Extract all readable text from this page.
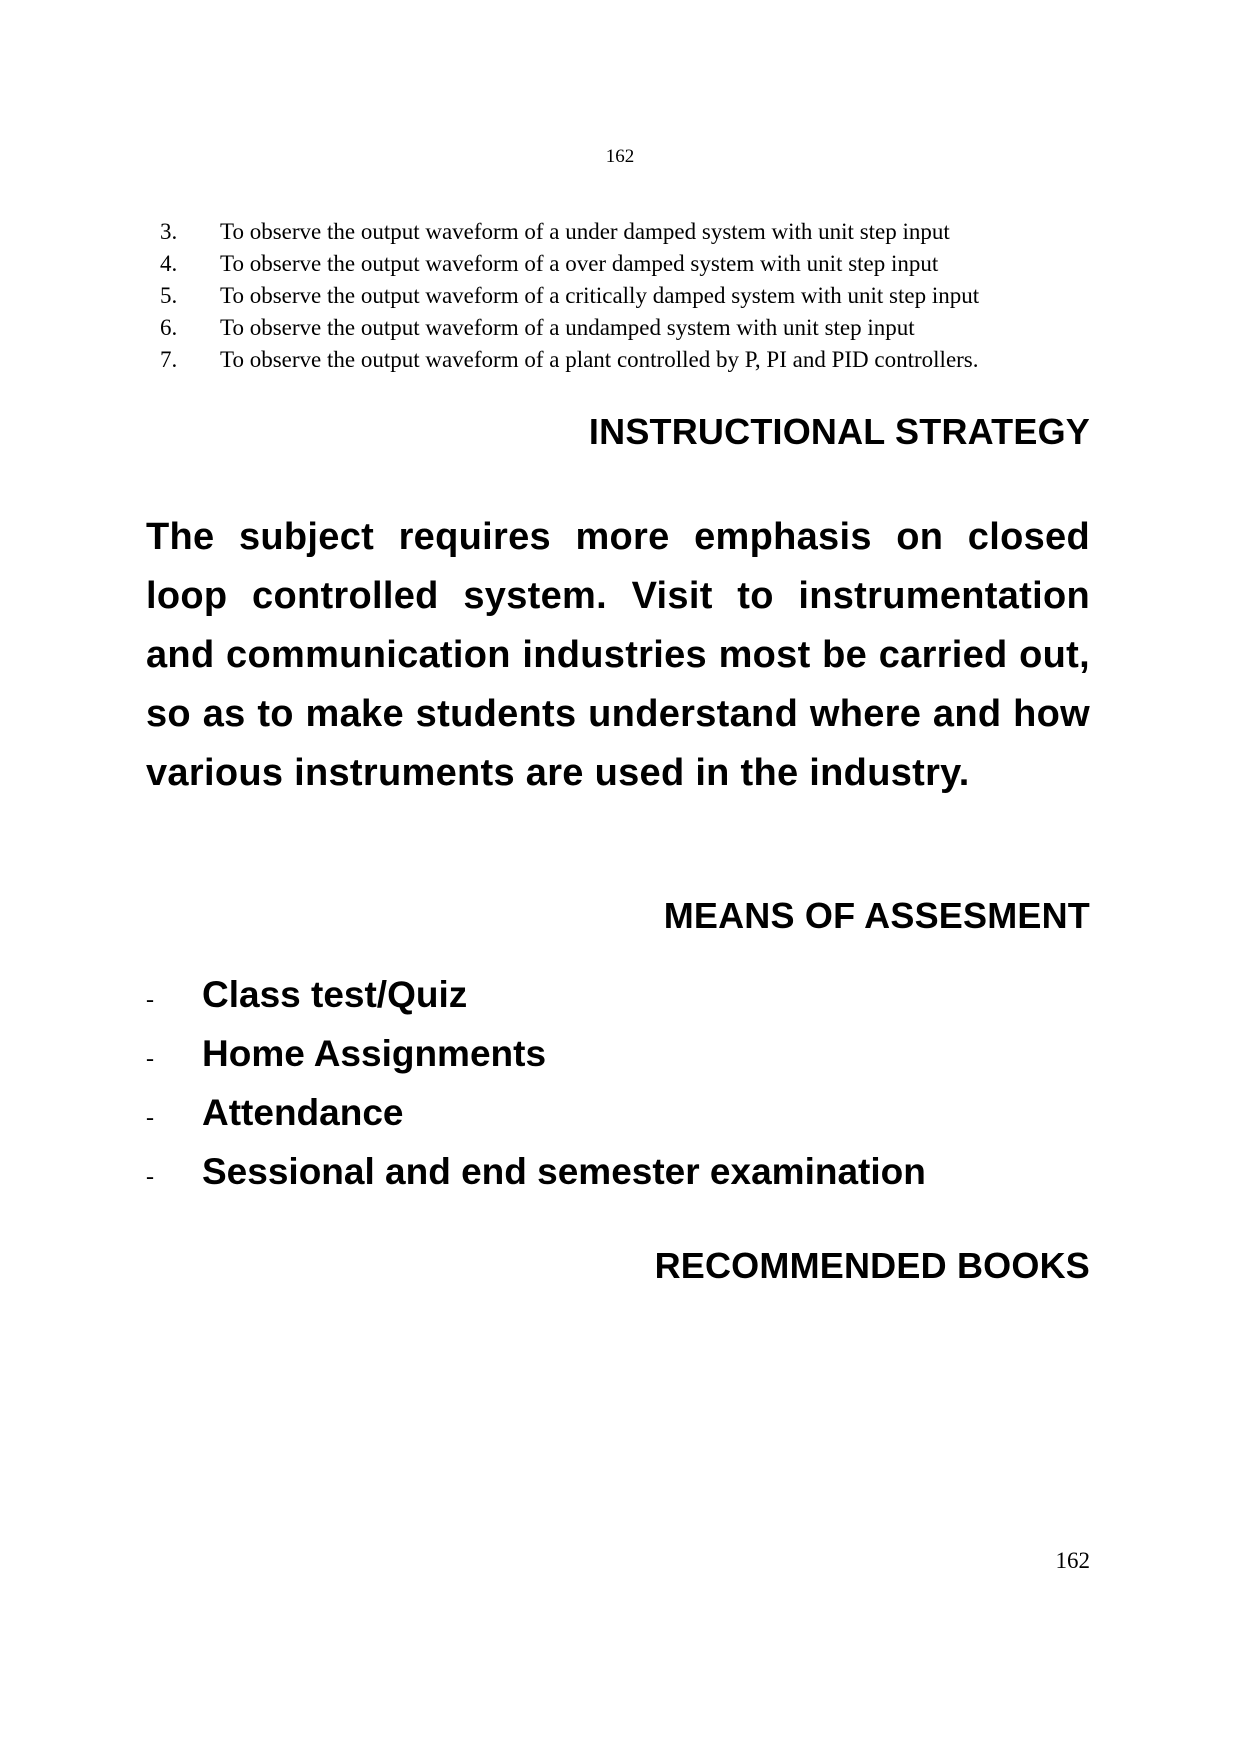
162
3.	To observe the output waveform of a under damped system with unit step input
4.	To observe the output waveform of a over damped system with unit step input
5.	To observe the output waveform of a critically damped system with unit step input
6.	To observe the output waveform of a undamped system with unit step input
7.	To observe the output waveform of a plant controlled by P, PI and PID controllers.
INSTRUCTIONAL STRATEGY

The subject requires more emphasis on closed loop controlled system. Visit to instrumentation and communication industries most be carried out, so as to make students understand where and how various instruments are used in the industry.

MEANS OF ASSESMENT
-	Class test/Quiz
-	Home Assignments
-	Attendance
-	Sessional and end semester examination
RECOMMENDED BOOKS
162
